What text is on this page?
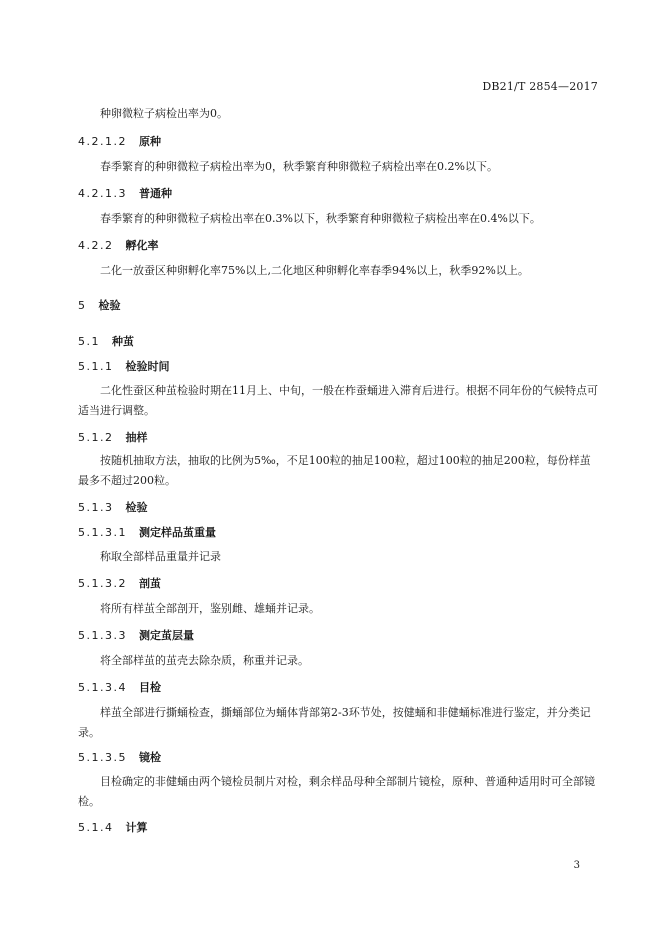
DB21/T 2854—2017
种卵微粒子病检出率为0。
4.2.1.2 原种
春季繁育的种卵微粒子病检出率为0，秋季繁育种卵微粒子病检出率在0.2%以下。
4.2.1.3 普通种
春季繁育的种卵微粒子病检出率在0.3%以下，秋季繁育种卵微粒子病检出率在0.4%以下。
4.2.2 孵化率
二化一放蚕区种卵孵化率75%以上,二化地区种卵孵化率春季94%以上，秋季92%以上。
5 检验
5.1 种茧
5.1.1 检验时间
二化性蚕区种茧检验时期在11月上、中旬，一般在柞蚕蛹进入滞育后进行。根据不同年份的气候特点可适当进行调整。
5.1.2 抽样
按随机抽取方法，抽取的比例为5‰，不足100粒的抽足100粒，超过100粒的抽足200粒，每份样茧最多不超过200粒。
5.1.3 检验
5.1.3.1 测定样品茧重量
称取全部样品重量并记录
5.1.3.2 剖茧
将所有样茧全部剖开，鉴别雌、雄蛹并记录。
5.1.3.3 测定茧层量
将全部样茧的茧壳去除杂质，称重并记录。
5.1.3.4 目检
样茧全部进行撕蛹检查，撕蛹部位为蛹体背部第2-3环节处，按健蛹和非健蛹标准进行鉴定，并分类记录。
5.1.3.5 镜检
目检确定的非健蛹由两个镜检员制片对检，剩余样品母种全部制片镜检，原种、普通种适用时可全部镜检。
5.1.4 计算
3
